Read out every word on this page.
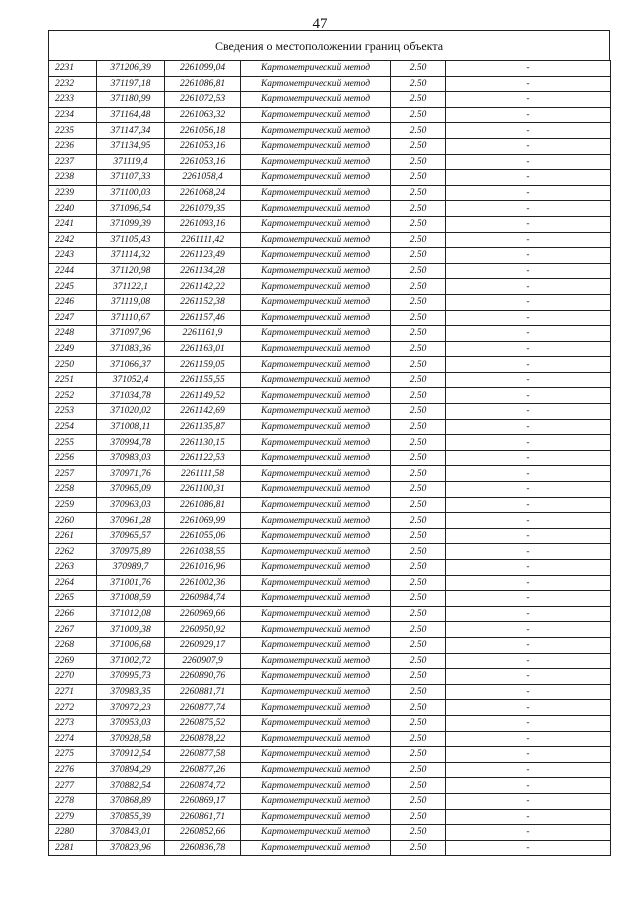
47
Сведения о местоположении границ объекта
2231	371206,39	2261099,04	Картометрический метод	2.50	-
2232	371197,18	2261086,81	Картометрический метод	2.50	-
2233	371180,99	2261072,53	Картометрический метод	2.50	-
2234	371164,48	2261063,32	Картометрический метод	2.50	-
2235	371147,34	2261056,18	Картометрический метод	2.50	-
2236	371134,95	2261053,16	Картометрический метод	2.50	-
2237	371119,4	2261053,16	Картометрический метод	2.50	-
2238	371107,33	2261058,4	Картометрический метод	2.50	-
2239	371100,03	2261068,24	Картометрический метод	2.50	-
2240	371096,54	2261079,35	Картометрический метод	2.50	-
2241	371099,39	2261093,16	Картометрический метод	2.50	-
2242	371105,43	2261111,42	Картометрический метод	2.50	-
2243	371114,32	2261123,49	Картометрический метод	2.50	-
2244	371120,98	2261134,28	Картометрический метод	2.50	-
2245	371122,1	2261142,22	Картометрический метод	2.50	-
2246	371119,08	2261152,38	Картометрический метод	2.50	-
2247	371110,67	2261157,46	Картометрический метод	2.50	-
2248	371097,96	2261161,9	Картометрический метод	2.50	-
2249	371083,36	2261163,01	Картометрический метод	2.50	-
2250	371066,37	2261159,05	Картометрический метод	2.50	-
2251	371052,4	2261155,55	Картометрический метод	2.50	-
2252	371034,78	2261149,52	Картометрический метод	2.50	-
2253	371020,02	2261142,69	Картометрический метод	2.50	-
2254	371008,11	2261135,87	Картометрический метод	2.50	-
2255	370994,78	2261130,15	Картометрический метод	2.50	-
2256	370983,03	2261122,53	Картометрический метод	2.50	-
2257	370971,76	2261111,58	Картометрический метод	2.50	-
2258	370965,09	2261100,31	Картометрический метод	2.50	-
2259	370963,03	2261086,81	Картометрический метод	2.50	-
2260	370961,28	2261069,99	Картометрический метод	2.50	-
2261	370965,57	2261055,06	Картометрический метод	2.50	-
2262	370975,89	2261038,55	Картометрический метод	2.50	-
2263	370989,7	2261016,96	Картометрический метод	2.50	-
2264	371001,76	2261002,36	Картометрический метод	2.50	-
2265	371008,59	2260984,74	Картометрический метод	2.50	-
2266	371012,08	2260969,66	Картометрический метод	2.50	-
2267	371009,38	2260950,92	Картометрический метод	2.50	-
2268	371006,68	2260929,17	Картометрический метод	2.50	-
2269	371002,72	2260907,9	Картометрический метод	2.50	-
2270	370995,73	2260890,76	Картометрический метод	2.50	-
2271	370983,35	2260881,71	Картометрический метод	2.50	-
2272	370972,23	2260877,74	Картометрический метод	2.50	-
2273	370953,03	2260875,52	Картометрический метод	2.50	-
2274	370928,58	2260878,22	Картометрический метод	2.50	-
2275	370912,54	2260877,58	Картометрический метод	2.50	-
2276	370894,29	2260877,26	Картометрический метод	2.50	-
2277	370882,54	2260874,72	Картометрический метод	2.50	-
2278	370868,89	2260869,17	Картометрический метод	2.50	-
2279	370855,39	2260861,71	Картометрический метод	2.50	-
2280	370843,01	2260852,66	Картометрический метод	2.50	-
2281	370823,96	2260836,78	Картометрический метод	2.50	-
